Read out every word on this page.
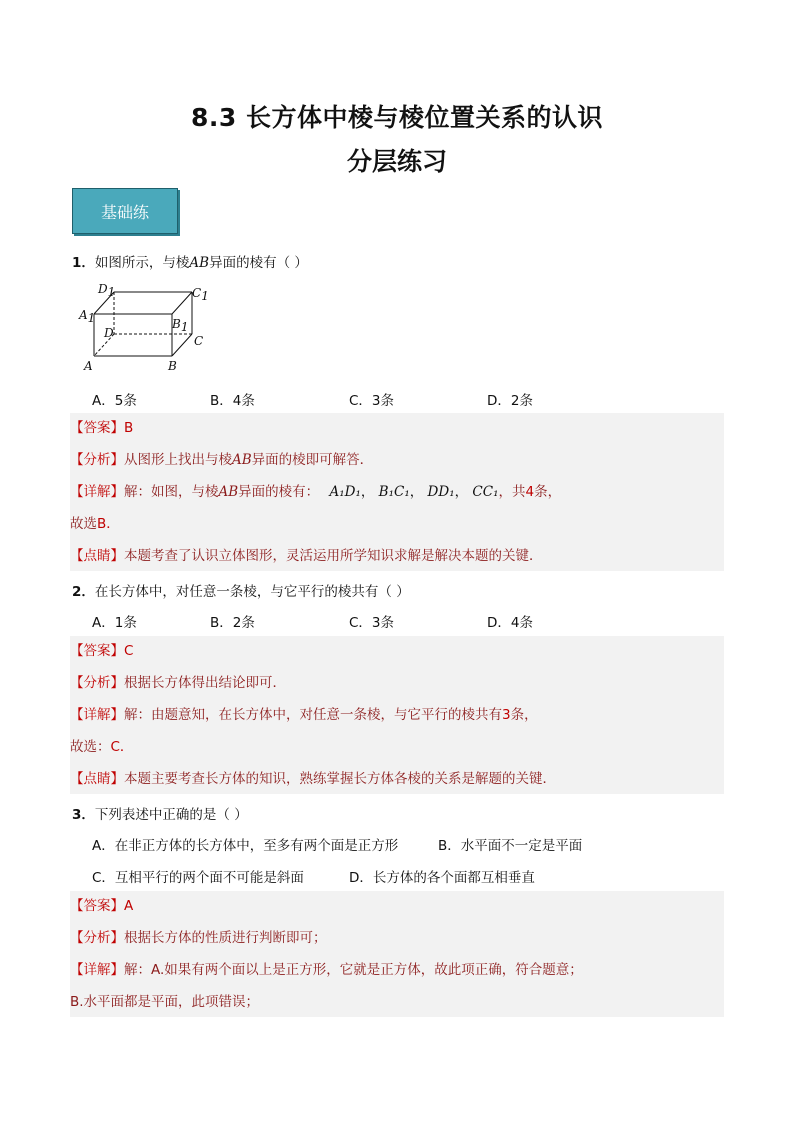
8.3 长方体中棱与棱位置关系的认识
分层练习
基础练
1．如图所示，与棱AB异面的棱有（ ）
D1	C1
A1	B1
D
C
A	B
A．5条	B．4条	C．3条	D．2条
【答案】B
【分析】从图形上找出与棱AB异面的棱即可解答．
【详解】解：如图，与棱AB异面的棱有： A₁D₁， B₁C₁， DD₁， CC₁，共4条，
故选B．
【点睛】本题考查了认识立体图形，灵活运用所学知识求解是解决本题的关键．
2．在长方体中，对任意一条棱，与它平行的棱共有（ ）
A．1条	B．2条	C．3条	D．4条
【答案】C
【分析】根据长方体得出结论即可．
【详解】解：由题意知，在长方体中，对任意一条棱，与它平行的棱共有3条，
故选：C．
【点睛】本题主要考查长方体的知识，熟练掌握长方体各棱的关系是解题的关键．
3．下列表述中正确的是（ ）
A．在非正方体的长方体中，至多有两个面是正方形	B．水平面不一定是平面
C．互相平行的两个面不可能是斜面	D．长方体的各个面都互相垂直
【答案】A
【分析】根据长方体的性质进行判断即可；
【详解】解：A.如果有两个面以上是正方形，它就是正方体，故此项正确，符合题意；
B.水平面都是平面，此项错误；
